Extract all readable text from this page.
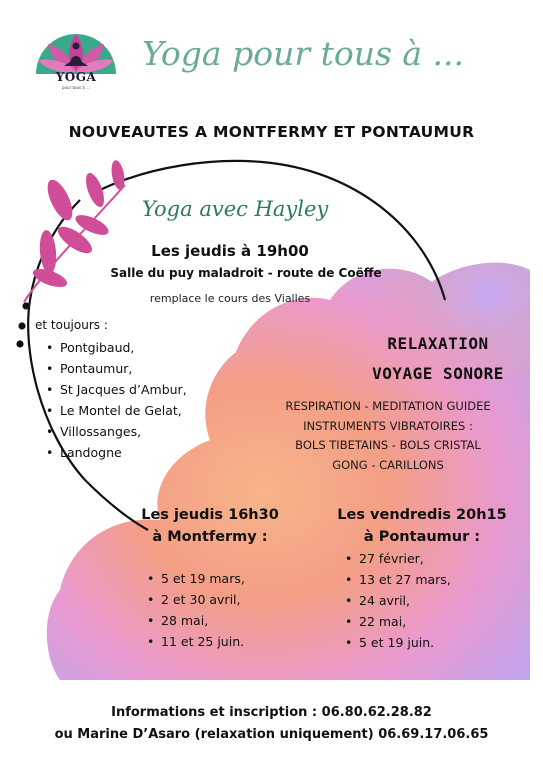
YOGA
pour tous à ...
Yoga pour tous à ...
NOUVEAUTES A MONTFERMY ET PONTAUMUR
Yoga avec Hayley
Les jeudis à 19h00
Salle du puy maladroit - route de Coëffe
remplace le cours des Vialles
et toujours :
• Pontgibaud,
• Pontaumur,
• St Jacques d’Ambur,
• Le Montel de Gelat,
• Villossanges,
• Landogne
RELAXATION
VOYAGE SONORE
RESPIRATION - MEDITATION GUIDEE
INSTRUMENTS VIBRATOIRES :
BOLS TIBETAINS - BOLS CRISTAL
GONG - CARILLONS
Les jeudis 16h30
à Montfermy :
• 5 et 19 mars,
• 2 et 30 avril,
• 28 mai,
• 11 et 25 juin.
Les vendredis 20h15
à Pontaumur :
• 27 février,
• 13 et 27 mars,
• 24 avril,
• 22 mai,
• 5 et 19 juin.
Informations et inscription : 06.80.62.28.82
ou Marine D’Asaro (relaxation uniquement) 06.69.17.06.65
